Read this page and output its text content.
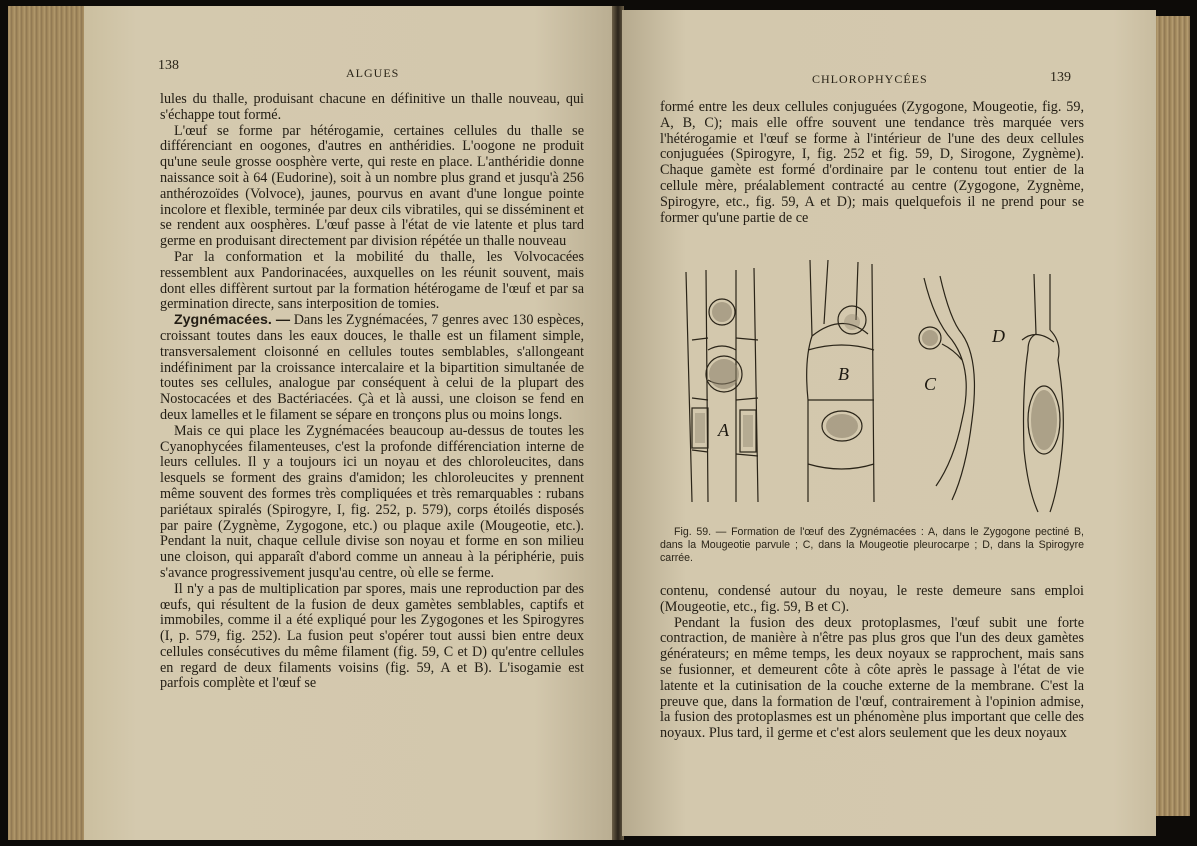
138	ALGUES

lules du thalle, produisant chacune en définitive un thalle nouveau, qui s'échappe tout formé.

L'œuf se forme par hétérogamie, certaines cellules du thalle se différenciant en oogones, d'autres en anthéridies. L'oogone ne produit qu'une seule grosse oosphère verte, qui reste en place. L'anthéridie donne naissance soit à 64 (Eudorine), soit à un nombre plus grand et jusqu'à 256 anthérozoïdes (Volvoce), jaunes, pourvus en avant d'une longue pointe incolore et flexible, terminée par deux cils vibratiles, qui se disséminent et se rendent aux oosphères. L'œuf passe à l'état de vie latente et plus tard germe en produisant directement par division répétée un thalle nouveau

Par la conformation et la mobilité du thalle, les Volvocacées ressemblent aux Pandorinacées, auxquelles on les réunit souvent, mais dont elles diffèrent surtout par la formation hétérogame de l'œuf et par sa germination directe, sans interposition de tomies.

Zygnémacées. — Dans les Zygnémacées, 7 genres avec 130 espèces, croissant toutes dans les eaux douces, le thalle est un filament simple, transversalement cloisonné en cellules toutes semblables, s'allongeant indéfiniment par la croissance intercalaire et la bipartition simultanée de toutes ses cellules, analogue par conséquent à celui de la plupart des Nostocacées et des Bactériacées. Çà et là aussi, une cloison se fend en deux lamelles et le filament se sépare en tronçons plus ou moins longs.

Mais ce qui place les Zygnémacées beaucoup au-dessus de toutes les Cyanophycées filamenteuses, c'est la profonde différenciation interne de leurs cellules. Il y a toujours ici un noyau et des chloroleucites, dans lesquels se forment des grains d'amidon; les chloroleucites y prennent même souvent des formes très compliquées et très remarquables : rubans pariétaux spiralés (Spirogyre, I, fig. 252, p. 579), corps étoilés disposés par paire (Zygnème, Zygogone, etc.) ou plaque axile (Mougeotie, etc.). Pendant la nuit, chaque cellule divise son noyau et forme en son milieu une cloison, qui apparaît d'abord comme un anneau à la périphérie, puis s'avance progressivement jusqu'au centre, où elle se ferme.

Il n'y a pas de multiplication par spores, mais une reproduction par des œufs, qui résultent de la fusion de deux gamètes semblables, captifs et immobiles, comme il a été expliqué pour les Zygogones et les Spirogyres (I, p. 579, fig. 252). La fusion peut s'opérer tout aussi bien entre deux cellules consécutives du même filament (fig. 59, C et D) qu'entre cellules en regard de deux filaments voisins (fig. 59, A et B). L'isogamie est parfois complète et l'œuf se

CHLOROPHYCÉES	139

formé entre les deux cellules conjuguées (Zygogone, Mougeotie, fig. 59, A, B, C); mais elle offre souvent une tendance très marquée vers l'hétérogamie et l'œuf se forme à l'intérieur de l'une des deux cellules conjuguées (Spirogyre, I, fig. 252 et fig. 59, D, Sirogone, Zygnème). Chaque gamète est formé d'ordinaire par le contenu tout entier de la cellule mère, préalablement contracté au centre (Zygogone, Zygnème, Spirogyre, etc., fig. 59, A et D); mais quelquefois il ne prend pour se former qu'une partie de ce

A
B	C
D

Fig. 59. — Formation de l'œuf des Zygnémacées : A, dans le Zygogone pectiné B, dans la Mougeotie parvule ; C, dans la Mougeotie pleurocarpe ; D, dans la Spirogyre carrée.

contenu, condensé autour du noyau, le reste demeure sans emploi (Mougeotie, etc., fig. 59, B et C).

Pendant la fusion des deux protoplasmes, l'œuf subit une forte contraction, de manière à n'être pas plus gros que l'un des deux gamètes générateurs; en même temps, les deux noyaux se rapprochent, mais sans se fusionner, et demeurent côte à côte après le passage à l'état de vie latente et la cutinisation de la couche externe de la membrane. C'est la preuve que, dans la formation de l'œuf, contrairement à l'opinion admise, la fusion des protoplasmes est un phénomène plus important que celle des noyaux. Plus tard, il germe et c'est alors seulement que les deux noyaux
